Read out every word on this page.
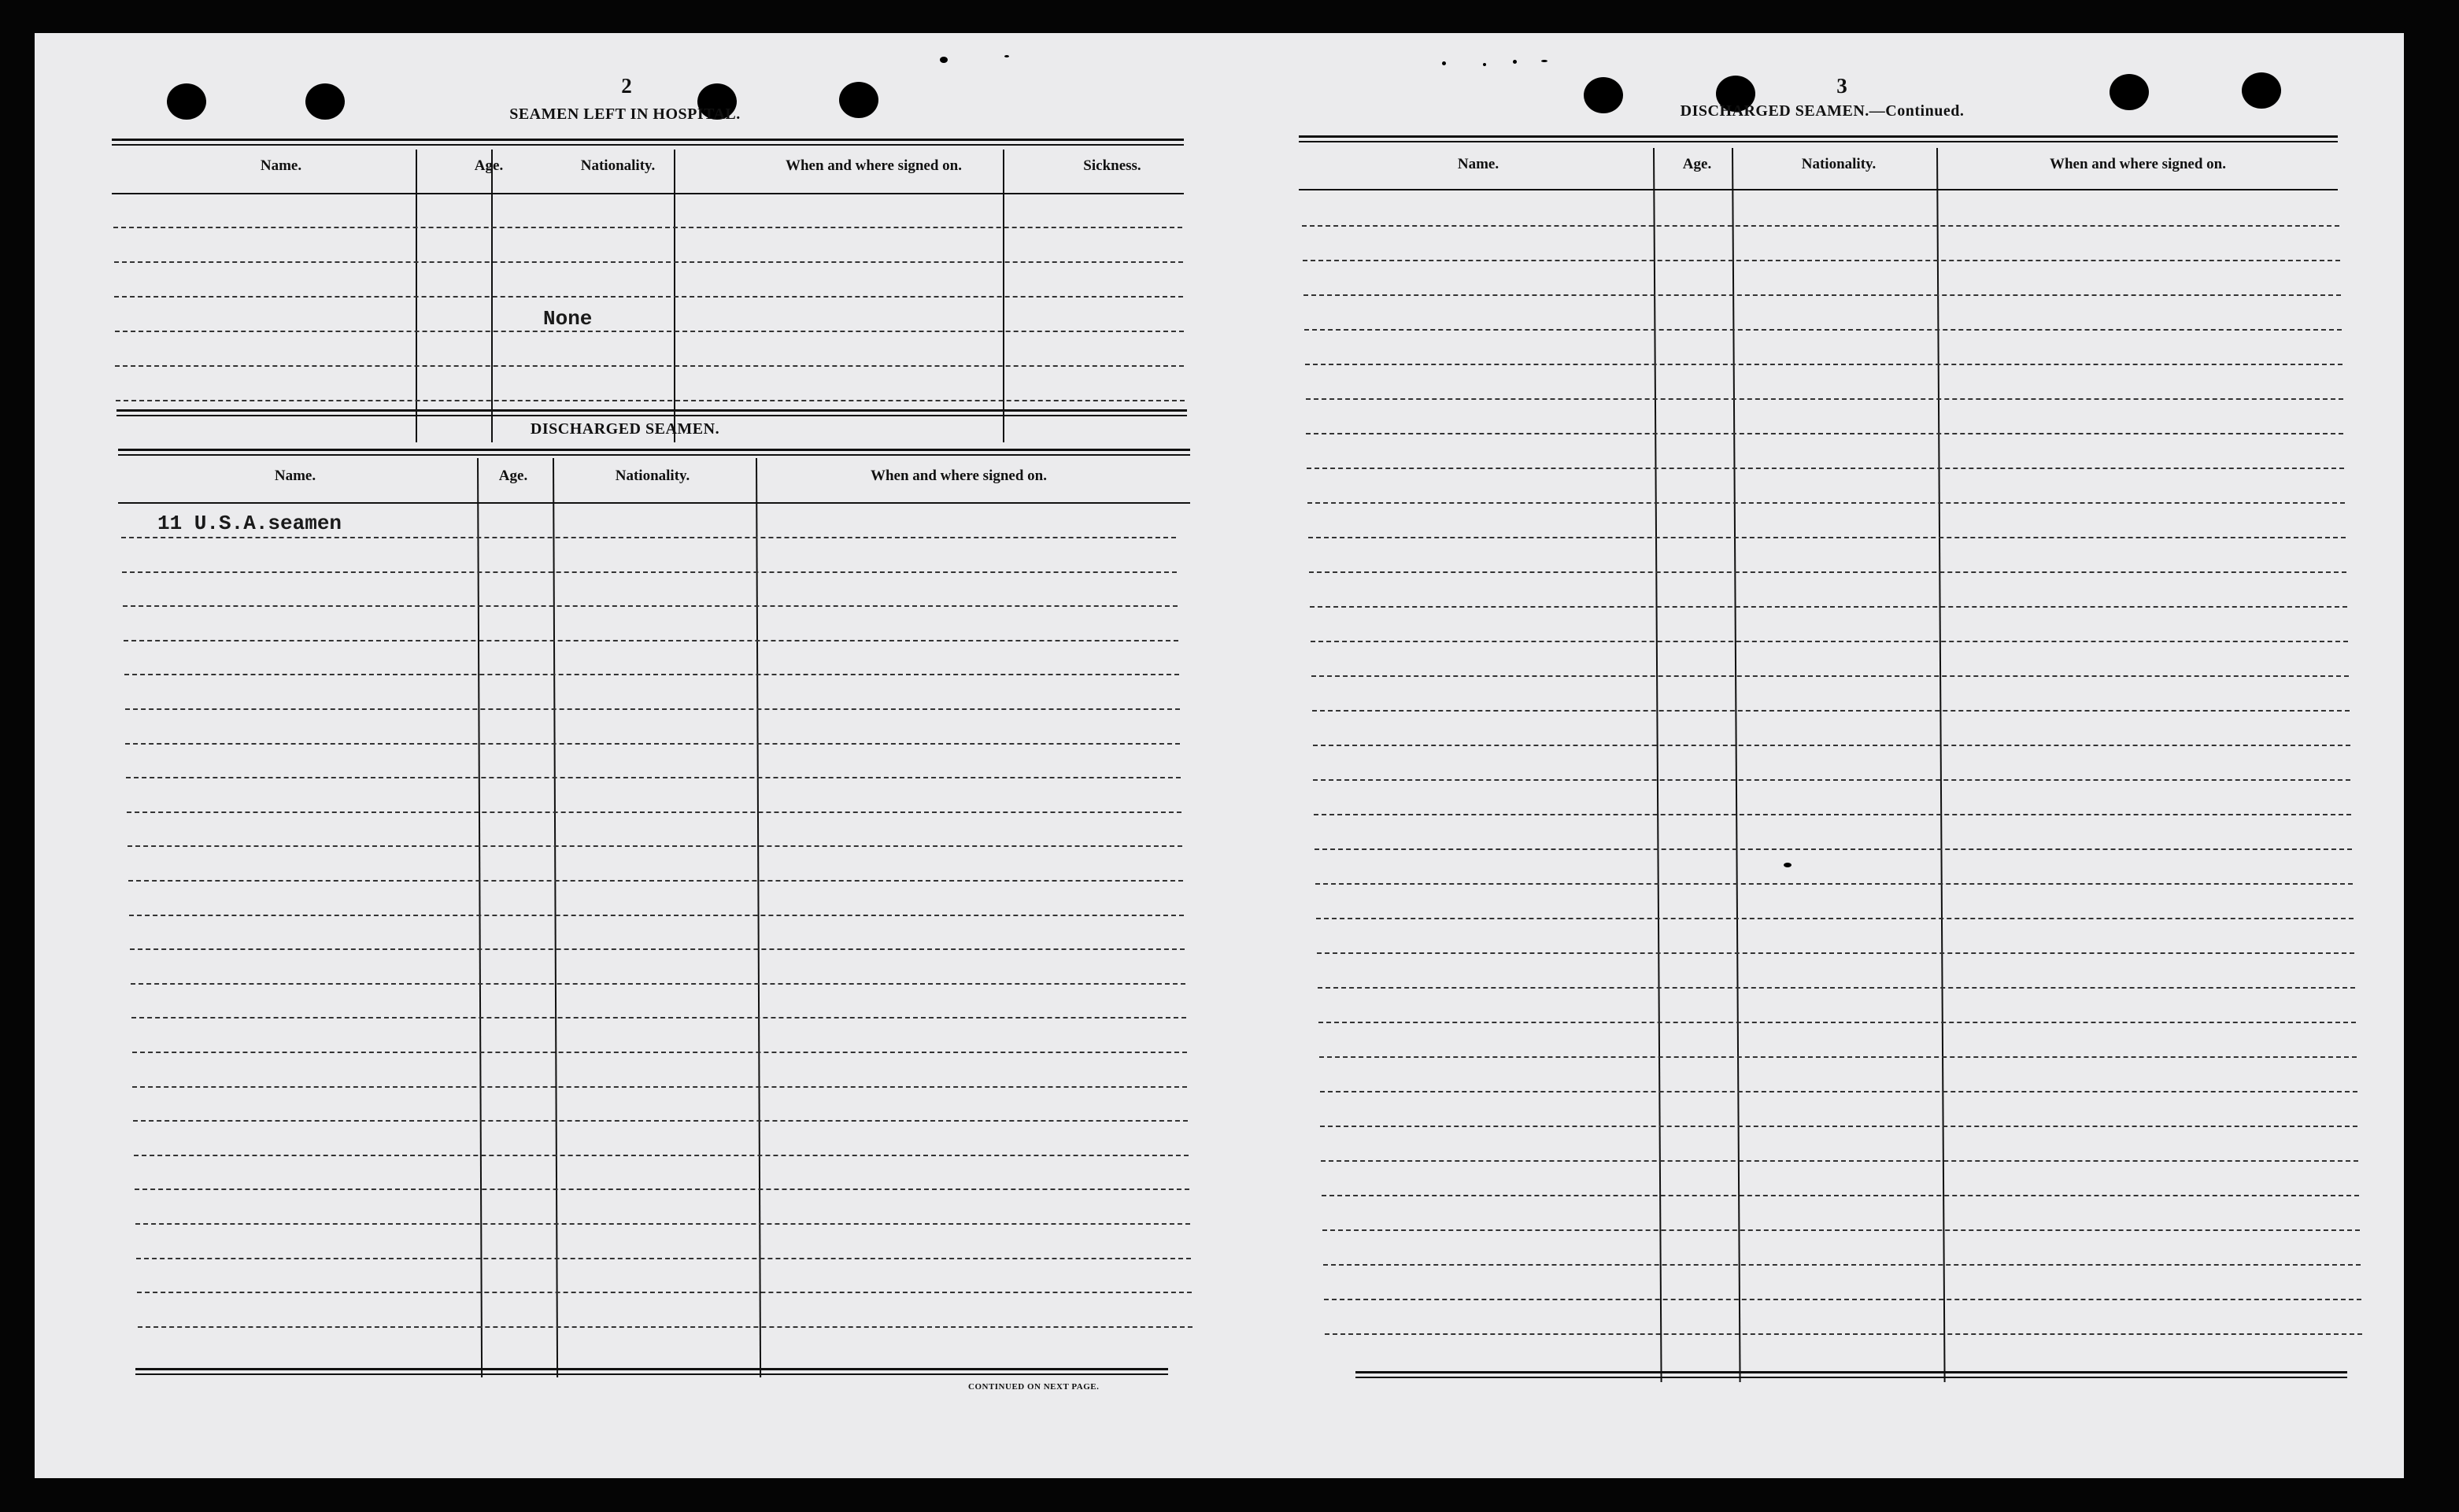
2
SEAMEN LEFT IN HOSPITAL.
Name.	Age.	Nationality.	When and where signed on.	Sickness.
None
DISCHARGED SEAMEN.
Name.	Age.	Nationality.	When and where signed on.
11 U.S.A.seamen
CONTINUED ON NEXT PAGE.
3
DISCHARGED SEAMEN.—Continued.
Name.	Age.	Nationality.	When and where signed on.
